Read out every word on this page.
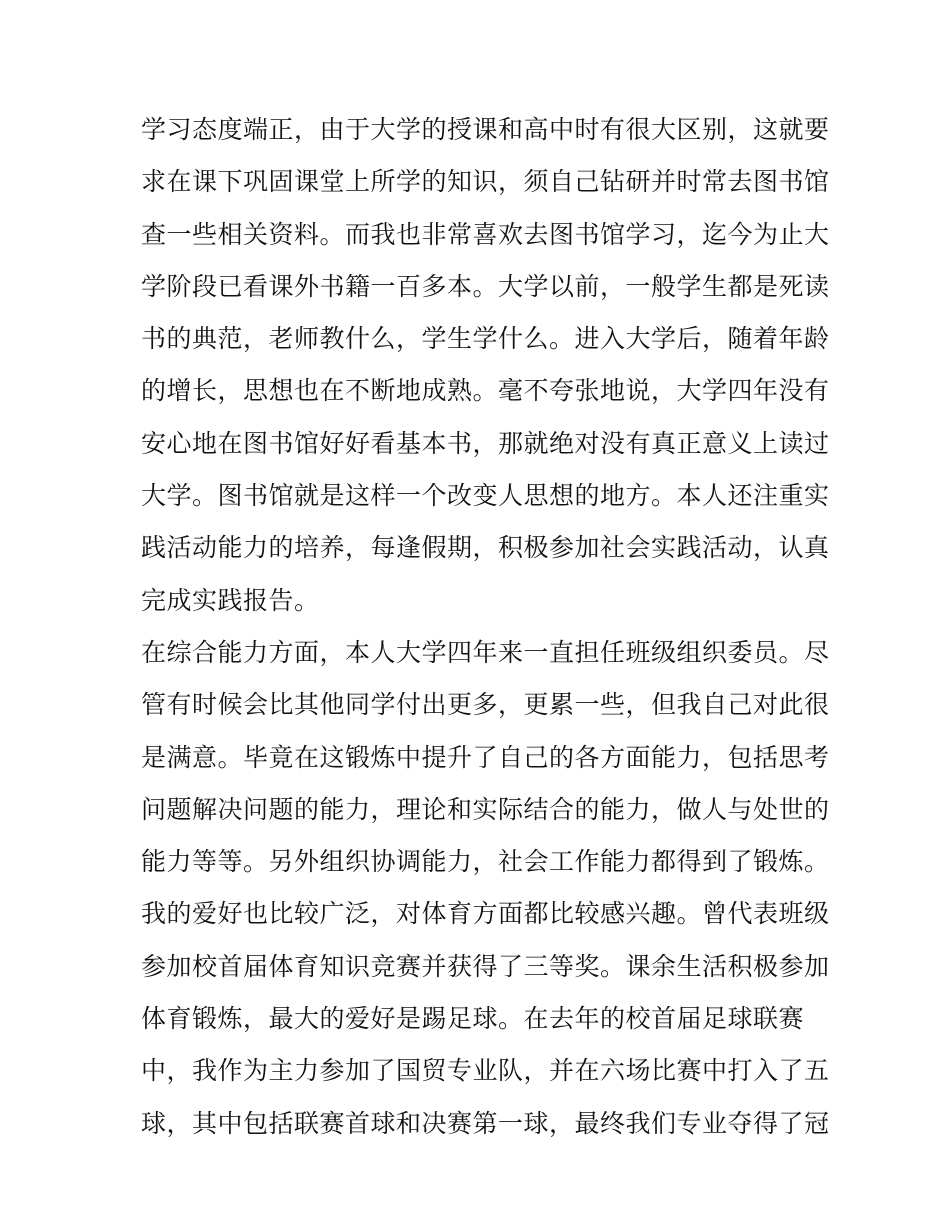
学习态度端正，由于大学的授课和高中时有很大区别，这就要
求在课下巩固课堂上所学的知识，须自己钻研并时常去图书馆
查一些相关资料。而我也非常喜欢去图书馆学习，迄今为止大
学阶段已看课外书籍一百多本。大学以前，一般学生都是死读
书的典范，老师教什么，学生学什么。进入大学后，随着年龄
的增长，思想也在不断地成熟。毫不夸张地说，大学四年没有
安心地在图书馆好好看基本书，那就绝对没有真正意义上读过
大学。图书馆就是这样一个改变人思想的地方。本人还注重实
践活动能力的培养，每逢假期，积极参加社会实践活动，认真
完成实践报告。
在综合能力方面，本人大学四年来一直担任班级组织委员。尽
管有时候会比其他同学付出更多，更累一些，但我自己对此很
是满意。毕竟在这锻炼中提升了自己的各方面能力，包括思考
问题解决问题的能力，理论和实际结合的能力，做人与处世的
能力等等。另外组织协调能力，社会工作能力都得到了锻炼。
我的爱好也比较广泛，对体育方面都比较感兴趣。曾代表班级
参加校首届体育知识竞赛并获得了三等奖。课余生活积极参加
体育锻炼，最大的爱好是踢足球。在去年的校首届足球联赛
中，我作为主力参加了国贸专业队，并在六场比赛中打入了五
球，其中包括联赛首球和决赛第一球，最终我们专业夺得了冠
